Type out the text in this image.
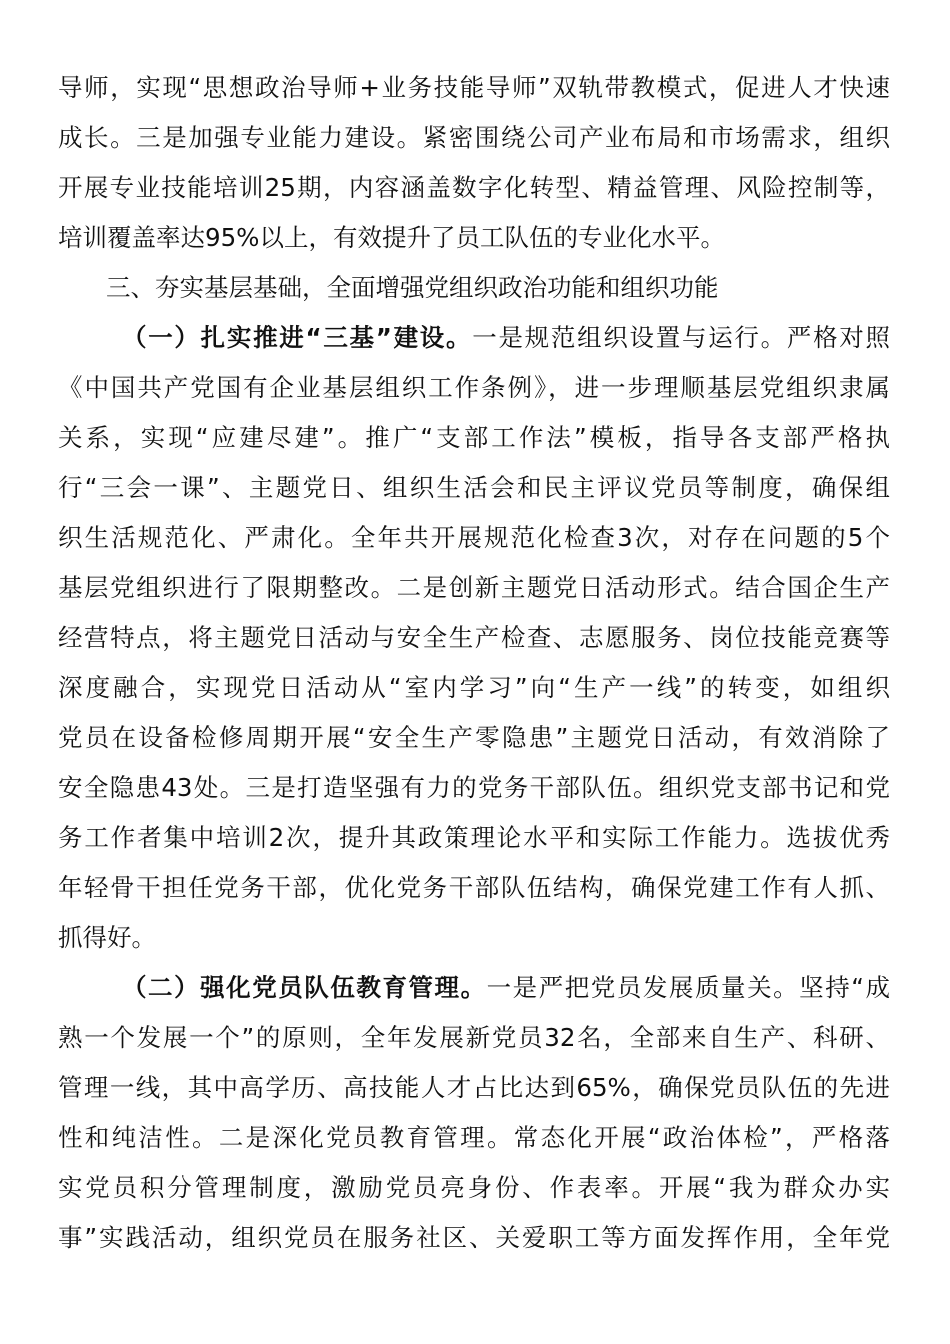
导师，实现“思想政治导师+业务技能导师”双轨带教模式，促进人才快速
成长。三是加强专业能力建设。紧密围绕公司产业布局和市场需求，组织
开展专业技能培训25期，内容涵盖数字化转型、精益管理、风险控制等，
培训覆盖率达95%以上，有效提升了员工队伍的专业化水平。
三、夯实基层基础，全面增强党组织政治功能和组织功能
（一）扎实推进“三基”建设。一是规范组织设置与运行。严格对照
《中国共产党国有企业基层组织工作条例》，进一步理顺基层党组织隶属
关系，实现“应建尽建”。推广“支部工作法”模板，指导各支部严格执
行“三会一课”、主题党日、组织生活会和民主评议党员等制度，确保组
织生活规范化、严肃化。全年共开展规范化检查3次，对存在问题的5个
基层党组织进行了限期整改。二是创新主题党日活动形式。结合国企生产
经营特点，将主题党日活动与安全生产检查、志愿服务、岗位技能竞赛等
深度融合，实现党日活动从“室内学习”向“生产一线”的转变，如组织
党员在设备检修周期开展“安全生产零隐患”主题党日活动，有效消除了
安全隐患43处。三是打造坚强有力的党务干部队伍。组织党支部书记和党
务工作者集中培训2次，提升其政策理论水平和实际工作能力。选拔优秀
年轻骨干担任党务干部，优化党务干部队伍结构，确保党建工作有人抓、
抓得好。
（二）强化党员队伍教育管理。一是严把党员发展质量关。坚持“成
熟一个发展一个”的原则，全年发展新党员32名，全部来自生产、科研、
管理一线，其中高学历、高技能人才占比达到65%，确保党员队伍的先进
性和纯洁性。二是深化党员教育管理。常态化开展“政治体检”，严格落
实党员积分管理制度，激励党员亮身份、作表率。开展“我为群众办实
事”实践活动，组织党员在服务社区、关爱职工等方面发挥作用，全年党
